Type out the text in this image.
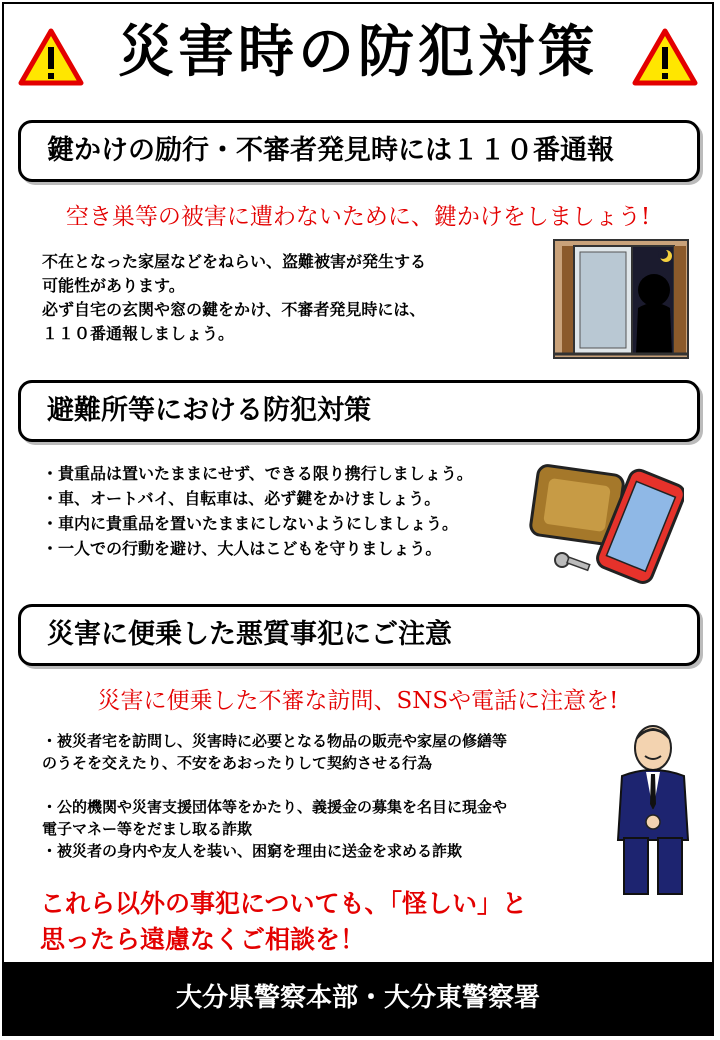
災害時の防犯対策
鍵かけの励行・不審者発見時には１１０番通報
空き巣等の被害に遭わないために、鍵かけをしましょう!
不在となった家屋などをねらい、盗難被害が発生する
可能性があります。
必ず自宅の玄関や窓の鍵をかけ、不審者発見時には、
１１０番通報しましょう。
避難所等における防犯対策
・貴重品は置いたままにせず、できる限り携行しましょう。
・車、オートバイ、自転車は、必ず鍵をかけましょう。
・車内に貴重品を置いたままにしないようにしましょう。
・一人での行動を避け、大人はこどもを守りましょう。
災害に便乗した悪質事犯にご注意
災害に便乗した不審な訪問、SNSや電話に注意を!
・被災者宅を訪問し、災害時に必要となる物品の販売や家屋の修繕等
のうそを交えたり、不安をあおったりして契約させる行為
・公的機関や災害支援団体等をかたり、義援金の募集を名目に現金や
電子マネー等をだまし取る詐欺
・被災者の身内や友人を装い、困窮を理由に送金を求める詐欺
これら以外の事犯についても、「怪しい」と
思ったら遠慮なくご相談を！
大分県警察本部・大分東警察署
